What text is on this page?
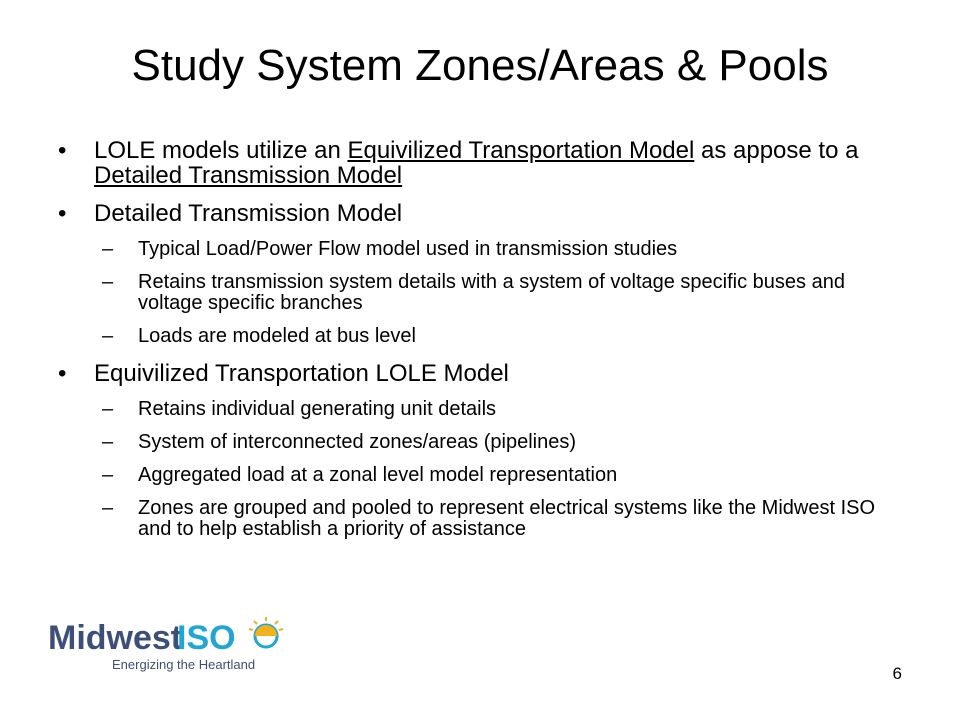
Study System Zones/Areas & Pools
• LOLE models utilize an Equivilized Transportation Model as appose to a Detailed Transmission Model
• Detailed Transmission Model
– Typical Load/Power Flow model used in transmission studies
– Retains transmission system details with a system of voltage specific buses and voltage specific branches
– Loads are modeled at bus level
• Equivilized Transportation LOLE Model
– Retains individual generating unit details
– System of interconnected zones/areas (pipelines)
– Aggregated load at a zonal level model representation
– Zones are grouped and pooled to represent electrical systems like the Midwest ISO and to help establish a priority of assistance
Midwest
ISO
Energizing the Heartland	6
